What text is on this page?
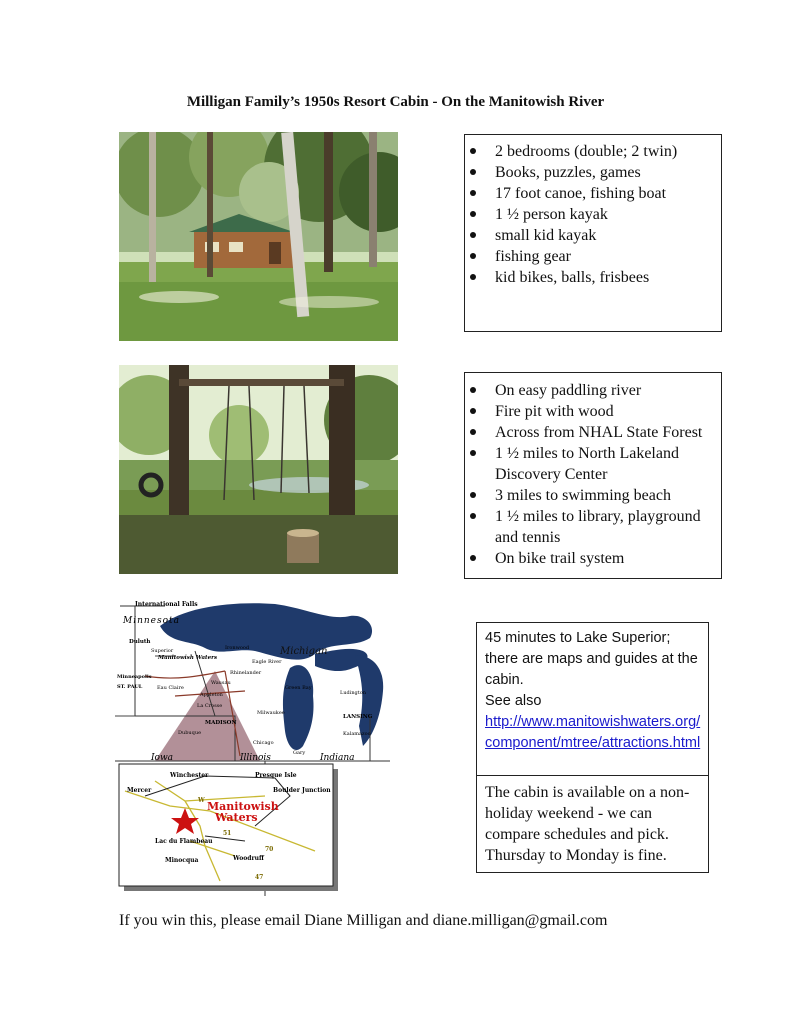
Milligan Family’s 1950s Resort Cabin - On the Manitowish River
2 bedrooms (double; 2 twin)
Books, puzzles, games
17 foot canoe, fishing boat
1 ½ person kayak
small kid kayak
fishing gear
kid bikes, balls, frisbees
On easy paddling river
Fire pit with wood
Across from NHAL State Forest
1 ½ miles to North Lakeland Discovery Center
3 miles to swimming beach
1 ½ miles to library, playground and tennis
On bike trail system
International Falls
Minnesota
Duluth
Superior	Ironwood	Michigan
Manitowish Waters
Eagle River
Rhinelander
Wausau
Minneapolis
ST. PAUL	Eau Claire	Green Bay
Ludington
Appleton
La Crosse
Milwaukee
MADISON
LANSING
Dubuque	Kalamazoo
Chicago
Gary
Iowa	Illinois	Indiana
Winchester	Presque Isle
Mercer	Boulder Junction
Manitowish
Waters
Lac du Flambeau
Minocqua	Woodruff
51
70
47
W
45 minutes to Lake Superior; there are maps and guides at the cabin.
See also
http://www.manitowishwaters.org/component/mtree/attractions.html
The cabin is available on a non-holiday weekend - we can compare schedules and pick. Thursday to Monday is fine.
If you win this, please email Diane Milligan and diane.milligan@gmail.com
